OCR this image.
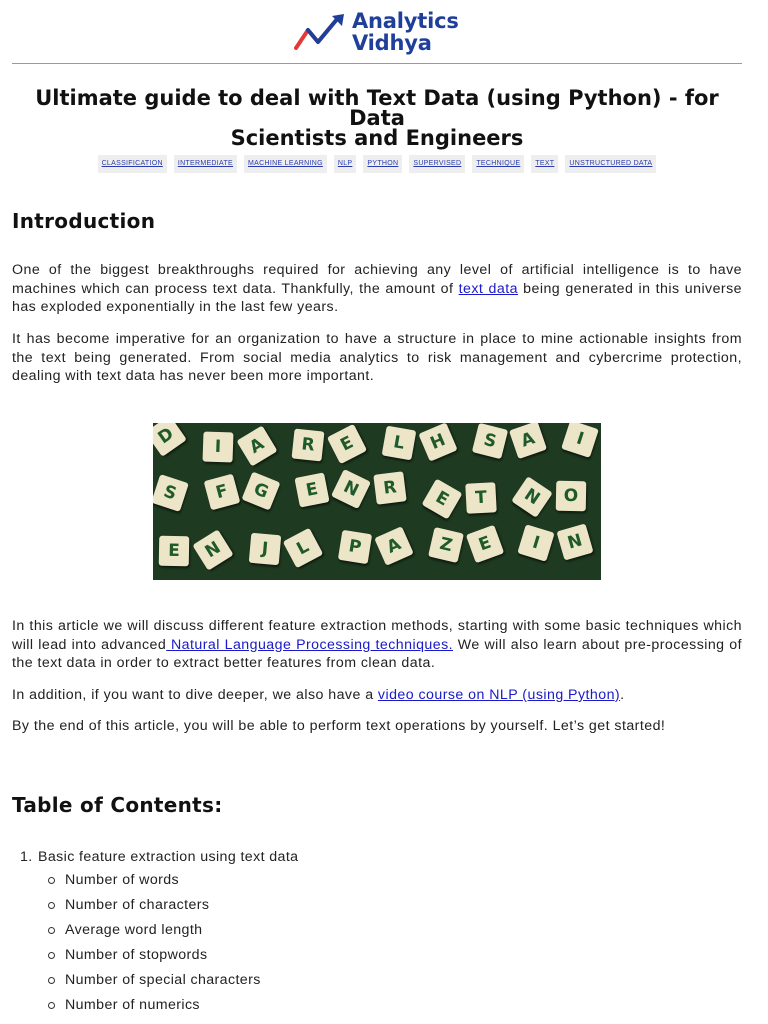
Analytics
Vidhya
Ultimate guide to deal with Text Data (using Python) - for Data
Scientists and Engineers
CLASSIFICATION	INTERMEDIATE	MACHINE LEARNING	NLP	PYTHON	SUPERVISED	TECHNIQUE	TEXT	UNSTRUCTURED DATA
Introduction

One of the biggest breakthroughs required for achieving any level of artificial intelligence is to have machines which can process text data. Thankfully, the amount of text data being generated in this universe has exploded exponentially in the last few years.

It has become imperative for an organization to have a structure in place to mine actionable insights from the text being generated. From social media analytics to risk management and cybercrime protection, dealing with text data has never been more important.

D	I	A	R	E	L	H	S	A	I
S	F	G	E	N	R	E	T	N	O
E	N	J	L	P	A	Z	E	I	N

In this article we will discuss different feature extraction methods, starting with some basic techniques which will lead into advanced Natural Language Processing techniques. We will also learn about pre-processing of the text data in order to extract better features from clean data.

In addition, if you want to dive deeper, we also have a video course on NLP (using Python).

By the end of this article, you will be able to perform text operations by yourself. Let’s get started!

Table of Contents:
1. Basic feature extraction using text data
Number of words
Number of characters
Average word length
Number of stopwords
Number of special characters
Number of numerics
